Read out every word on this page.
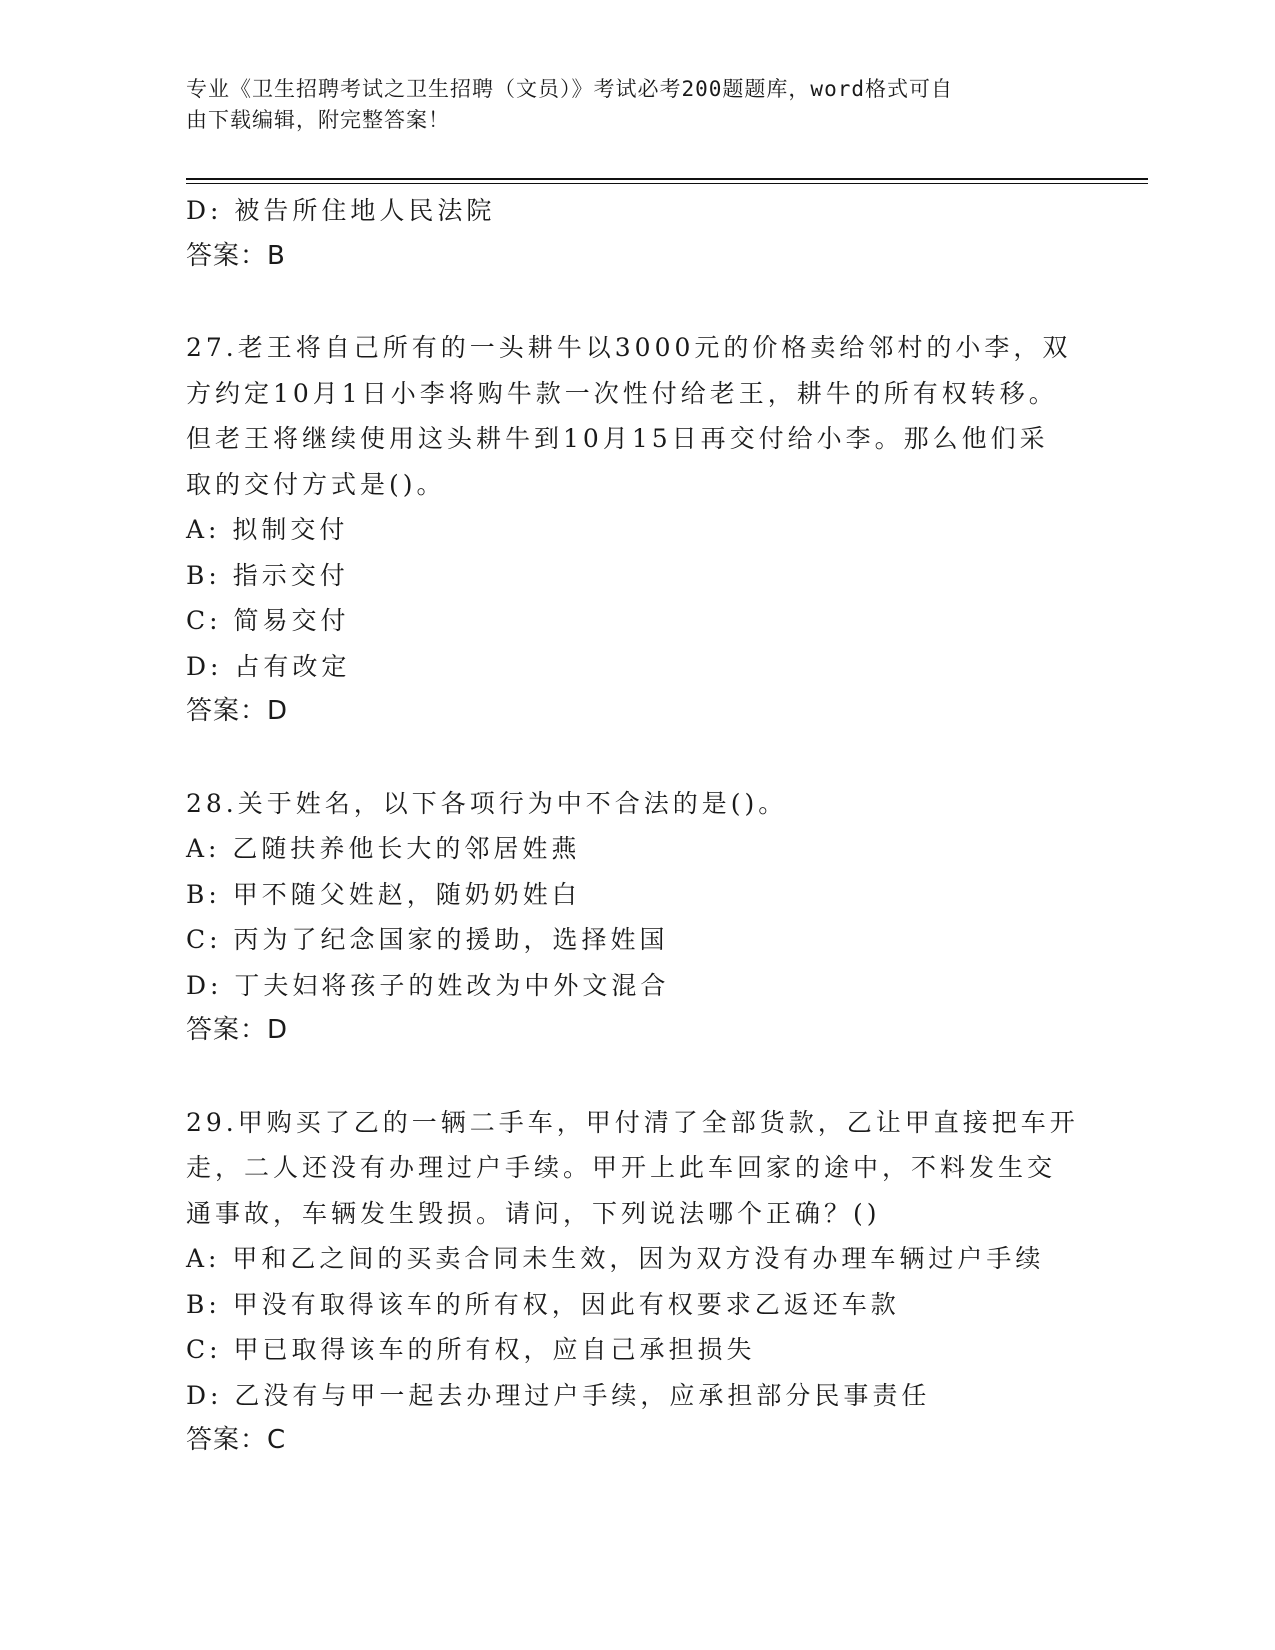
专业《卫生招聘考试之卫生招聘（文员）》考试必考200题题库，word格式可自
由下载编辑，附完整答案！
D: 被告所住地人民法院
答案：B
27.老王将自己所有的一头耕牛以3000元的价格卖给邻村的小李，双
方约定10月1日小李将购牛款一次性付给老王，耕牛的所有权转移。
但老王将继续使用这头耕牛到10月15日再交付给小李。那么他们采
取的交付方式是()。
A: 拟制交付
B: 指示交付
C: 简易交付
D: 占有改定
答案：D
28.关于姓名，以下各项行为中不合法的是()。
A: 乙随扶养他长大的邻居姓燕
B: 甲不随父姓赵，随奶奶姓白
C: 丙为了纪念国家的援助，选择姓国
D: 丁夫妇将孩子的姓改为中外文混合
答案：D
29.甲购买了乙的一辆二手车，甲付清了全部货款，乙让甲直接把车开
走，二人还没有办理过户手续。甲开上此车回家的途中，不料发生交
通事故，车辆发生毁损。请问，下列说法哪个正确？()
A: 甲和乙之间的买卖合同未生效，因为双方没有办理车辆过户手续
B: 甲没有取得该车的所有权，因此有权要求乙返还车款
C: 甲已取得该车的所有权，应自己承担损失
D: 乙没有与甲一起去办理过户手续，应承担部分民事责任
答案：C
